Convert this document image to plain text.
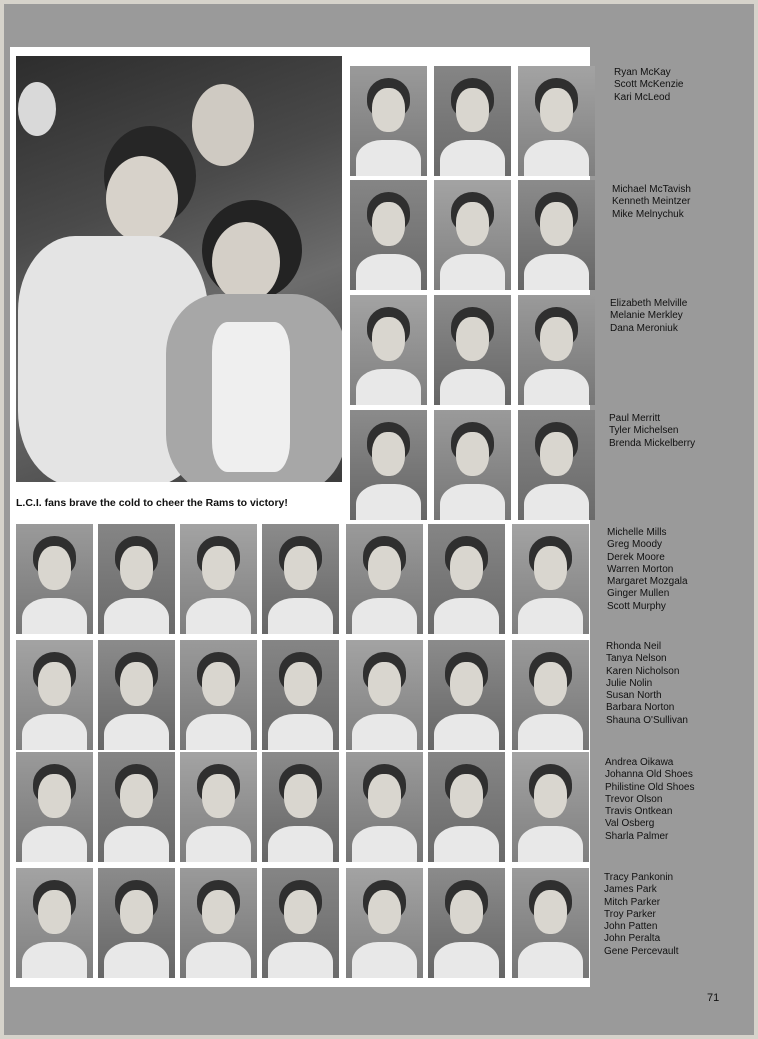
L.C.I. fans brave the cold to cheer the Rams to victory!
Ryan McKay
Scott McKenzie
Kari McLeod
Michael McTavish
Kenneth Meintzer
Mike Melnychuk
Elizabeth Melville
Melanie Merkley
Dana Meroniuk
Paul Merritt
Tyler Michelsen
Brenda Mickelberry
Michelle Mills
Greg Moody
Derek Moore
Warren Morton
Margaret Mozgala
Ginger Mullen
Scott Murphy
Rhonda Neil
Tanya Nelson
Karen Nicholson
Julie Nolin
Susan North
Barbara Norton
Shauna O'Sullivan
Andrea Oikawa
Johanna Old Shoes
Philistine Old Shoes
Trevor Olson
Travis Ontkean
Val Osberg
Sharla Palmer
Tracy Pankonin
James Park
Mitch Parker
Troy Parker
John Patten
John Peralta
Gene Percevault
71
